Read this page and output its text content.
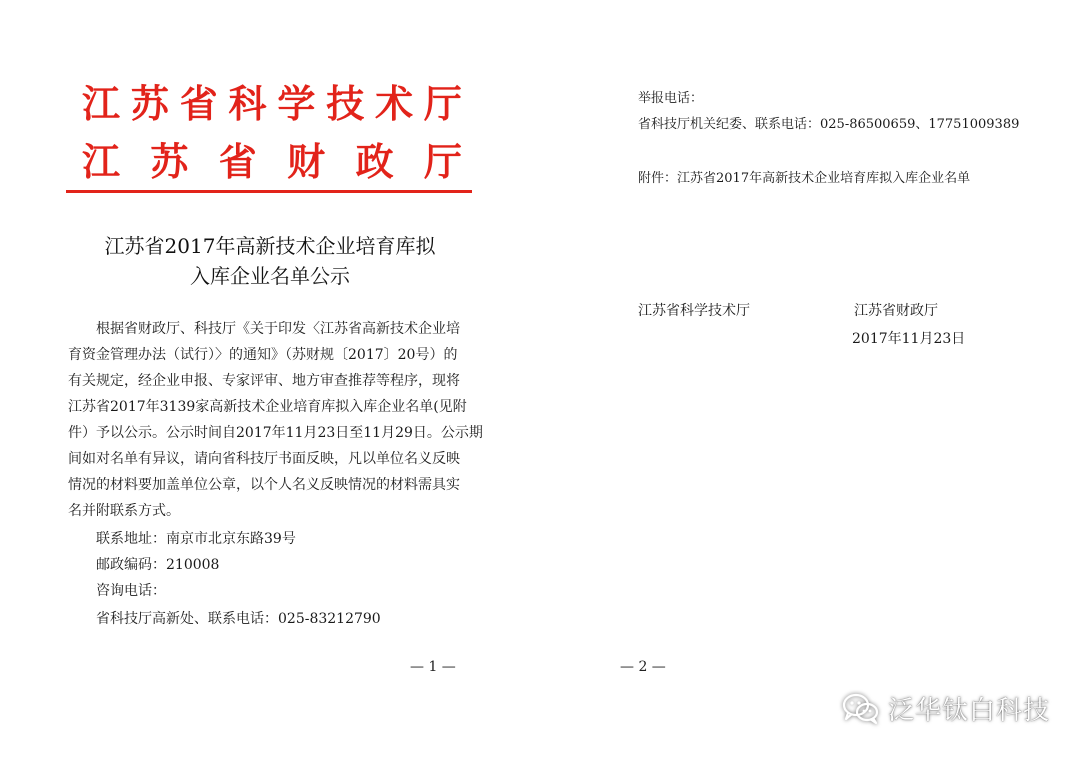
江 苏 省 科 学 技 术 厅
江 苏 省 财 政 厅
江苏省2017年高新技术企业培育库拟
入库企业名单公示
根据省财政厅、科技厅《关于印发〈江苏省高新技术企业培
育资金管理办法（试行）〉的通知》（苏财规〔2017〕20号）的
有关规定，经企业申报、专家评审、地方审查推荐等程序，现将
江苏省2017年3139家高新技术企业培育库拟入库企业名单(见附
件）予以公示。公示时间自2017年11月23日至11月29日。公示期
间如对名单有异议，请向省科技厅书面反映，凡以单位名义反映
情况的材料要加盖单位公章，以个人名义反映情况的材料需具实
名并附联系方式。
联系地址：南京市北京东路39号
邮政编码：210008
咨询电话：
省科技厅高新处、联系电话：025-83212790
— 1 —
举报电话：
省科技厅机关纪委、联系电话：025-86500659、17751009389
附件：江苏省2017年高新技术企业培育库拟入库企业名单
江苏省科学技术厅	江苏省财政厅
2017年11月23日
— 2 —
泛华钛白科技
